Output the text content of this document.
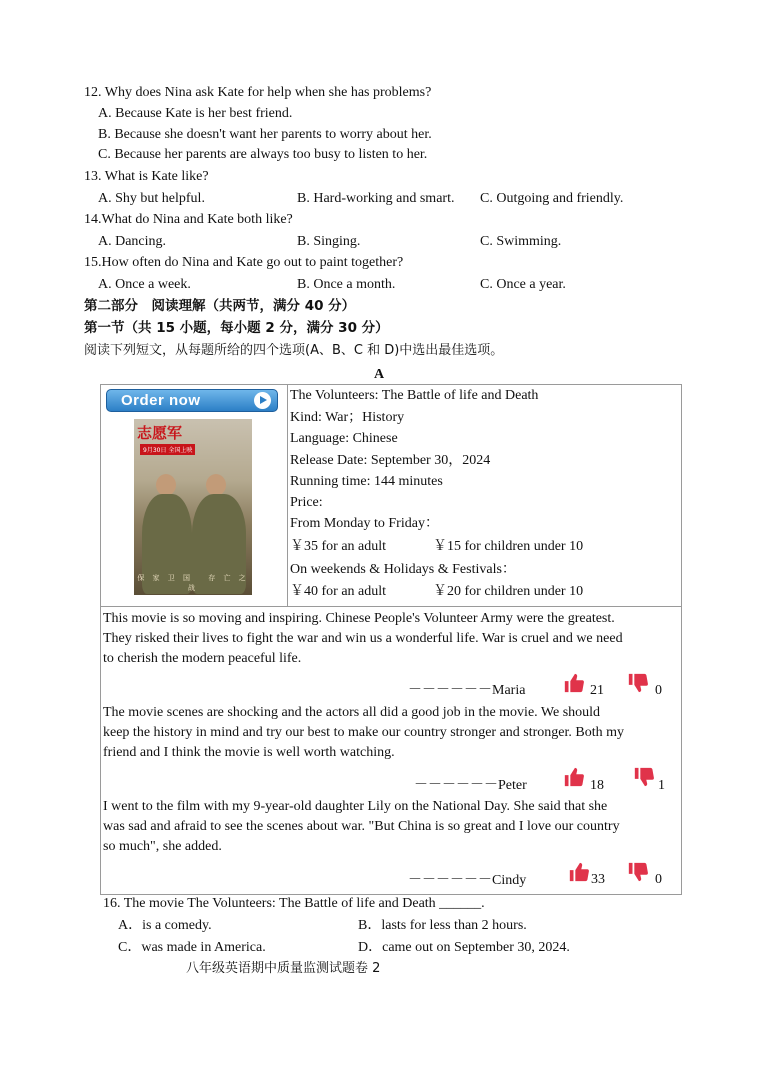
12. Why does Nina ask Kate for help when she has problems?
A. Because Kate is her best friend.
B. Because she doesn't want her parents to worry about her.
C. Because her parents are always too busy to listen to her.
13. What is Kate like?
A. Shy but helpful.	B. Hard-working and smart. C. Outgoing and friendly.
14.What do Nina and Kate both like?
A. Dancing.	B. Singing.	C. Swimming.
15.How often do Nina and Kate go out to paint together?
A. Once a week.	B. Once a month.	C. Once a year.
第二部分　阅读理解（共两节，满分 40 分）
第一节（共 15 小题，每小题 2 分，满分 30 分）
阅读下列短文，从每题所给的四个选项(A、B、C 和 D)中选出最佳选项。
A
Order now
志愿军
9月30日 全国上映
保 家 卫 国　 存 亡 之 战
The Volunteers: The Battle of life and Death
Kind: War；History
Language: Chinese
Release Date: September 30，2024
Running time: 144 minutes
Price:
From Monday to Friday：
￥35 for an adult	￥15 for children under 10
On weekends & Holidays & Festivals：
￥40 for an adult	￥20 for children under 10
This movie is so moving and inspiring. Chinese People's Volunteer Army were the greatest.
They risked their lives to fight the war and win us a wonderful life. War is cruel and we need
to cherish the modern peaceful life.
－－－－－－Maria	21	0
The movie scenes are shocking and the actors all did a good job in the movie. We should
keep the history in mind and try our best to make our country stronger and stronger. Both my
friend and I think the movie is well worth watching.
－－－－－－Peter	18	1
I went to the film with my 9-year-old daughter Lily on the National Day. She said that she
was sad and afraid to see the scenes about war. "But China is so great and I love our country
so much", she added.
－－－－－－Cindy	33	0
16. The movie The Volunteers: The Battle of life and Death ______.
A．is a comedy.	B．lasts for less than 2 hours.
C．was made in America.	D．came out on September 30, 2024.
八年级英语期中质量监测试题卷 2
